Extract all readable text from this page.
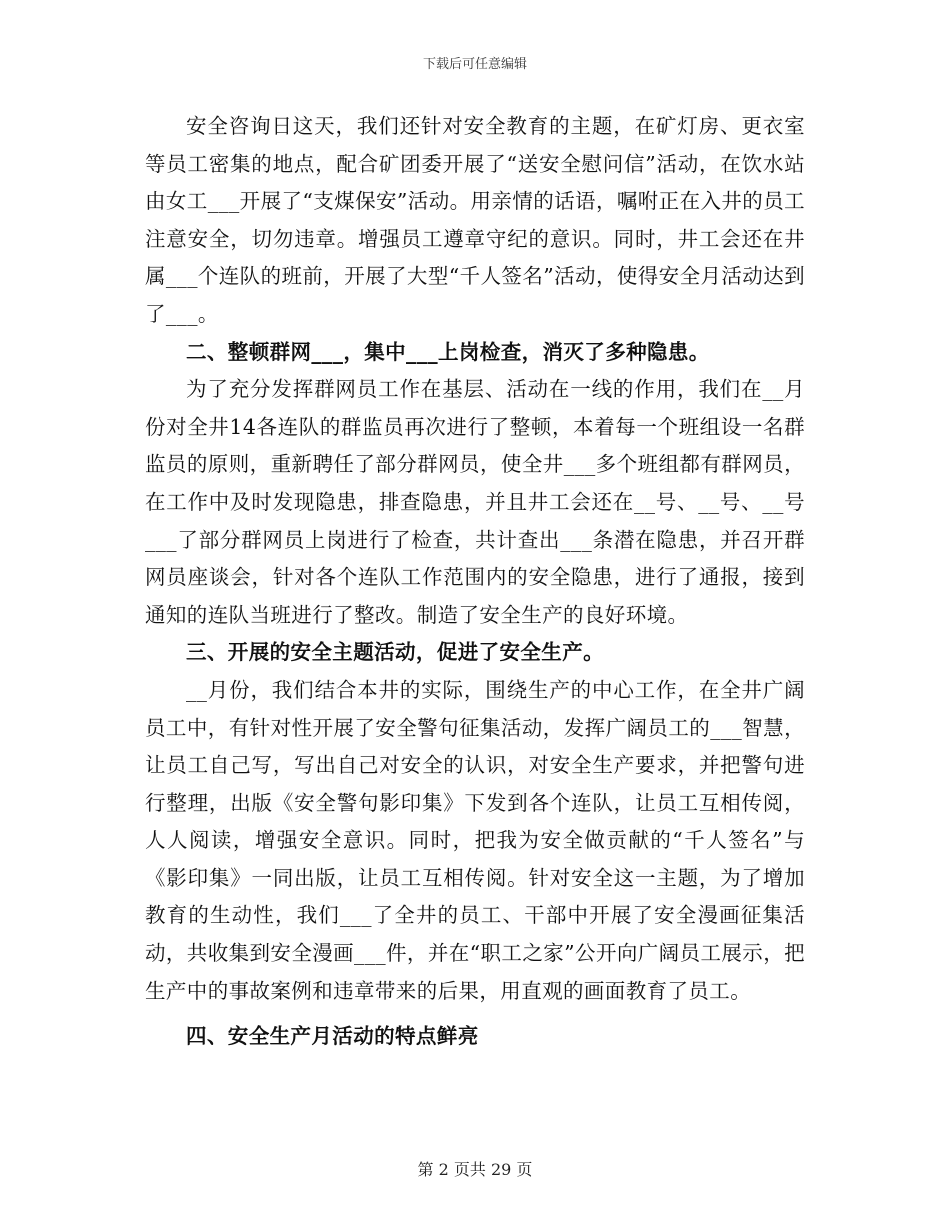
下载后可任意编辑

安全咨询日这天，我们还针对安全教育的主题，在矿灯房、更衣室等员工密集的地点，配合矿团委开展了“送安全慰问信”活动，在饮水站由女工___开展了“支煤保安”活动。用亲情的话语，嘱咐正在入井的员工注意安全，切勿违章。增强员工遵章守纪的意识。同时，井工会还在井属___个连队的班前，开展了大型“千人签名”活动，使得安全月活动达到了___。

二、整顿群网___，集中___上岗检查，消灭了多种隐患。

为了充分发挥群网员工作在基层、活动在一线的作用，我们在__月份对全井14各连队的群监员再次进行了整顿，本着每一个班组设一名群监员的原则，重新聘任了部分群网员，使全井___多个班组都有群网员，在工作中及时发现隐患，排查隐患，并且井工会还在__号、__号、__号___了部分群网员上岗进行了检查，共计查出___条潜在隐患，并召开群网员座谈会，针对各个连队工作范围内的安全隐患，进行了通报，接到通知的连队当班进行了整改。制造了安全生产的良好环境。

三、开展的安全主题活动，促进了安全生产。

__月份，我们结合本井的实际，围绕生产的中心工作，在全井广阔员工中，有针对性开展了安全警句征集活动，发挥广阔员工的___智慧，让员工自己写，写出自己对安全的认识，对安全生产要求，并把警句进行整理，出版《安全警句影印集》下发到各个连队，让员工互相传阅，人人阅读，增强安全意识。同时，把我为安全做贡献的“千人签名”与《影印集》一同出版，让员工互相传阅。针对安全这一主题，为了增加教育的生动性，我们___了全井的员工、干部中开展了安全漫画征集活动，共收集到安全漫画___件，并在“职工之家”公开向广阔员工展示，把生产中的事故案例和违章带来的后果，用直观的画面教育了员工。

四、安全生产月活动的特点鲜亮

第 2 页共 29 页
